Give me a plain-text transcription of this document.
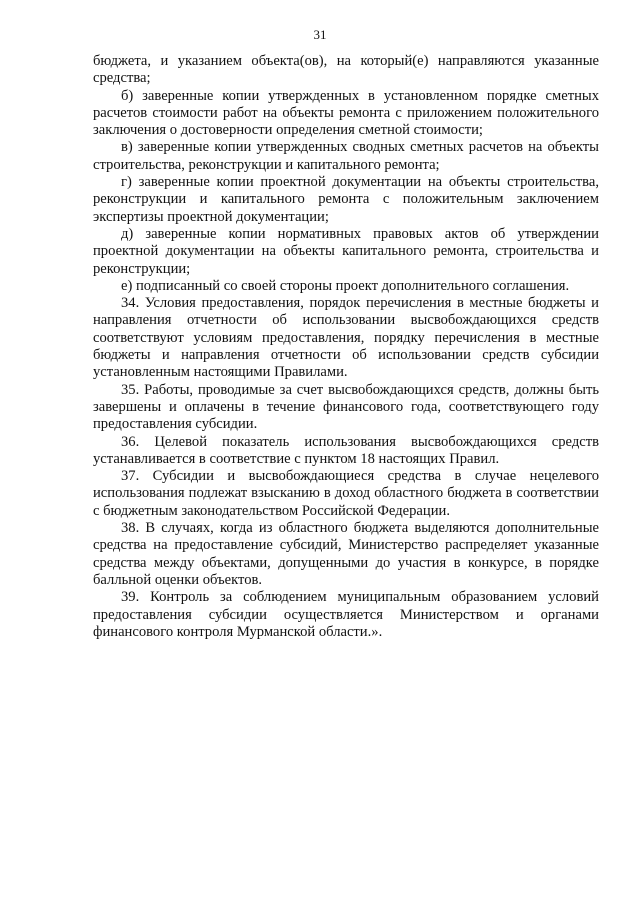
31

бюджета, и указанием объекта(ов), на который(е) направляются указанные средства;

б) заверенные копии утвержденных в установленном порядке сметных расчетов стоимости работ на объекты ремонта с приложением положительного заключения о достоверности определения сметной стоимости;

в) заверенные копии утвержденных сводных сметных расчетов на объекты строительства, реконструкции и капитального ремонта;

г) заверенные копии проектной документации на объекты строительства, реконструкции и капитального ремонта с положительным заключением экспертизы проектной документации;

д) заверенные копии нормативных правовых актов об утверждении проектной документации на объекты капитального ремонта, строительства и реконструкции;

е) подписанный со своей стороны проект дополнительного соглашения.

34. Условия предоставления, порядок перечисления в местные бюджеты и направления отчетности об использовании высвобождающихся средств соответствуют условиям предоставления, порядку перечисления в местные бюджеты и направления отчетности об использовании средств субсидии установленным настоящими Правилами.

35. Работы, проводимые за счет высвобождающихся средств, должны быть завершены и оплачены в течение финансового года, соответствующего году предоставления субсидии.

36. Целевой показатель использования высвобождающихся средств устанавливается в соответствие с пунктом 18 настоящих Правил.

37. Субсидии и высвобождающиеся средства в случае нецелевого использования подлежат взысканию в доход областного бюджета в соответствии с бюджетным законодательством Российской Федерации.

38. В случаях, когда из областного бюджета выделяются дополнительные средства на предоставление субсидий, Министерство распределяет указанные средства между объектами, допущенными до участия в конкурсе, в порядке балльной оценки объектов.

39. Контроль за соблюдением муниципальным образованием условий предоставления субсидии осуществляется Министерством и органами финансового контроля Мурманской области.».
